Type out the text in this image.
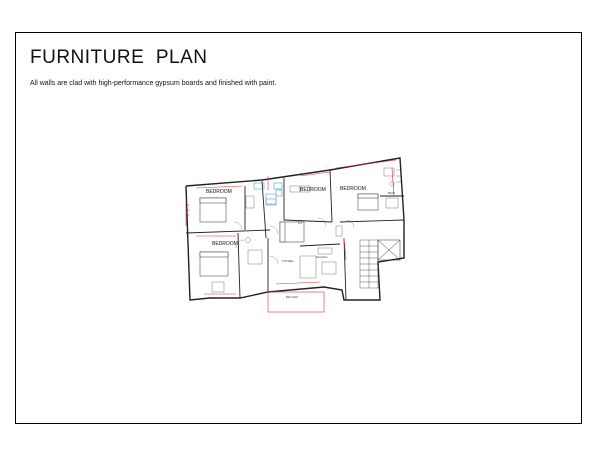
FURNITURE  PLAN
All walls are clad with high-performance gypsum boards and finished with paint.
BEDROOM	BEDROOM	BEDROOM
BEDROOM
BATH
KITCHEN
Reception
BALCONY
